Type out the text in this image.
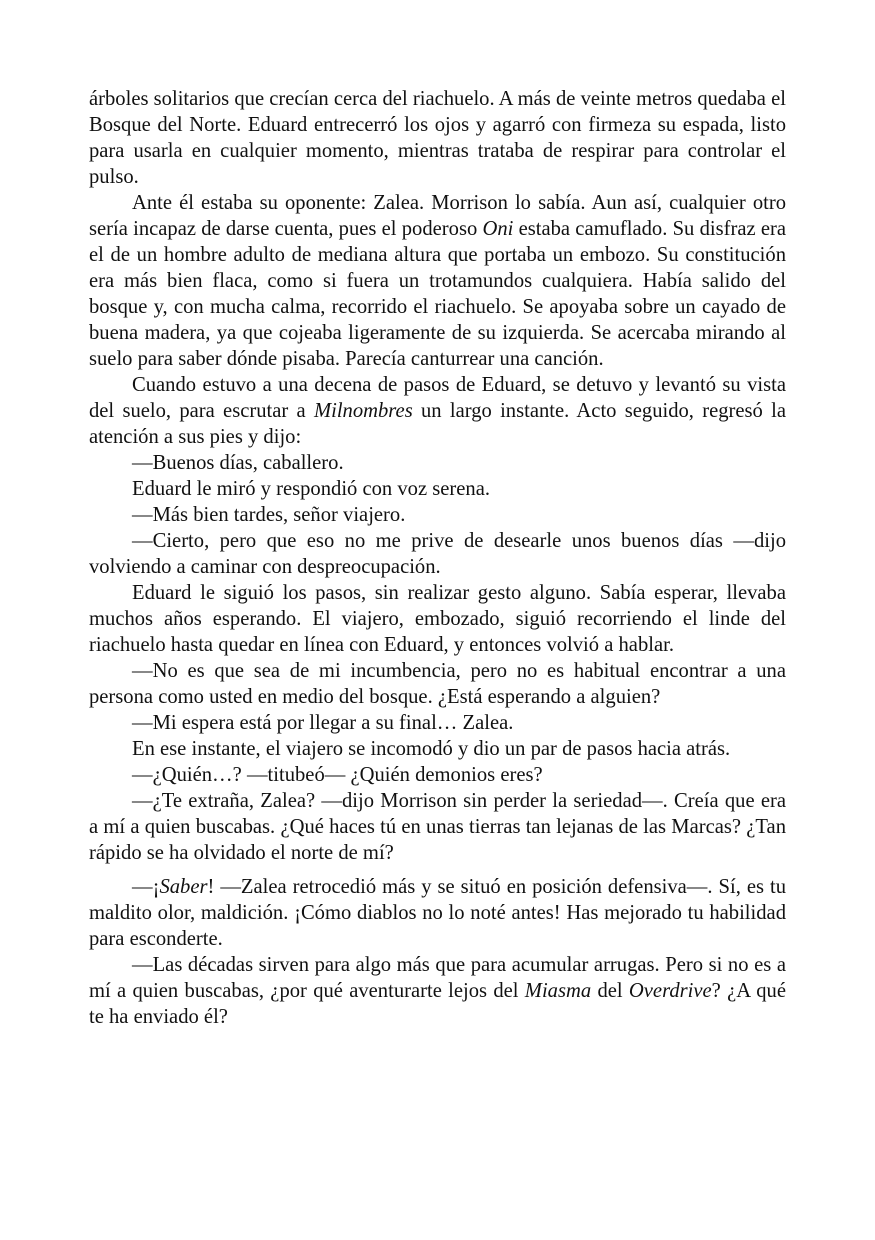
árboles solitarios que crecían cerca del riachuelo. A más de veinte metros quedaba el Bosque del Norte. Eduard entrecerró los ojos y agarró con firmeza su espada, listo para usarla en cualquier momento, mientras trataba de respirar para controlar el pulso.

Ante él estaba su oponente: Zalea. Morrison lo sabía. Aun así, cualquier otro sería incapaz de darse cuenta, pues el poderoso Oni estaba camuflado. Su disfraz era el de un hombre adulto de mediana altura que portaba un embozo. Su constitución era más bien flaca, como si fuera un trotamundos cualquiera. Había salido del bosque y, con mucha calma, recorrido el riachuelo. Se apoyaba sobre un cayado de buena madera, ya que cojeaba ligeramente de su izquierda. Se acercaba mirando al suelo para saber dónde pisaba. Parecía canturrear una canción.

Cuando estuvo a una decena de pasos de Eduard, se detuvo y levantó su vista del suelo, para escrutar a Milnombres un largo instante. Acto seguido, regresó la atención a sus pies y dijo:

—Buenos días, caballero.

Eduard le miró y respondió con voz serena.

—Más bien tardes, señor viajero.

—Cierto, pero que eso no me prive de desearle unos buenos días —dijo volviendo a caminar con despreocupación.

Eduard le siguió los pasos, sin realizar gesto alguno. Sabía esperar, llevaba muchos años esperando. El viajero, embozado, siguió recorriendo el linde del riachuelo hasta quedar en línea con Eduard, y entonces volvió a hablar.

—No es que sea de mi incumbencia, pero no es habitual encontrar a una persona como usted en medio del bosque. ¿Está esperando a alguien?

—Mi espera está por llegar a su final… Zalea.

En ese instante, el viajero se incomodó y dio un par de pasos hacia atrás.

—¿Quién…? —titubeó— ¿Quién demonios eres?

—¿Te extraña, Zalea? —dijo Morrison sin perder la seriedad—. Creía que era a mí a quien buscabas. ¿Qué haces tú en unas tierras tan lejanas de las Marcas? ¿Tan rápido se ha olvidado el norte de mí?

—¡Saber! —Zalea retrocedió más y se situó en posición defensiva—. Sí, es tu maldito olor, maldición. ¡Cómo diablos no lo noté antes! Has mejorado tu habilidad para esconderte.

—Las décadas sirven para algo más que para acumular arrugas. Pero si no es a mí a quien buscabas, ¿por qué aventurarte lejos del Miasma del Overdrive? ¿A qué te ha enviado él?
